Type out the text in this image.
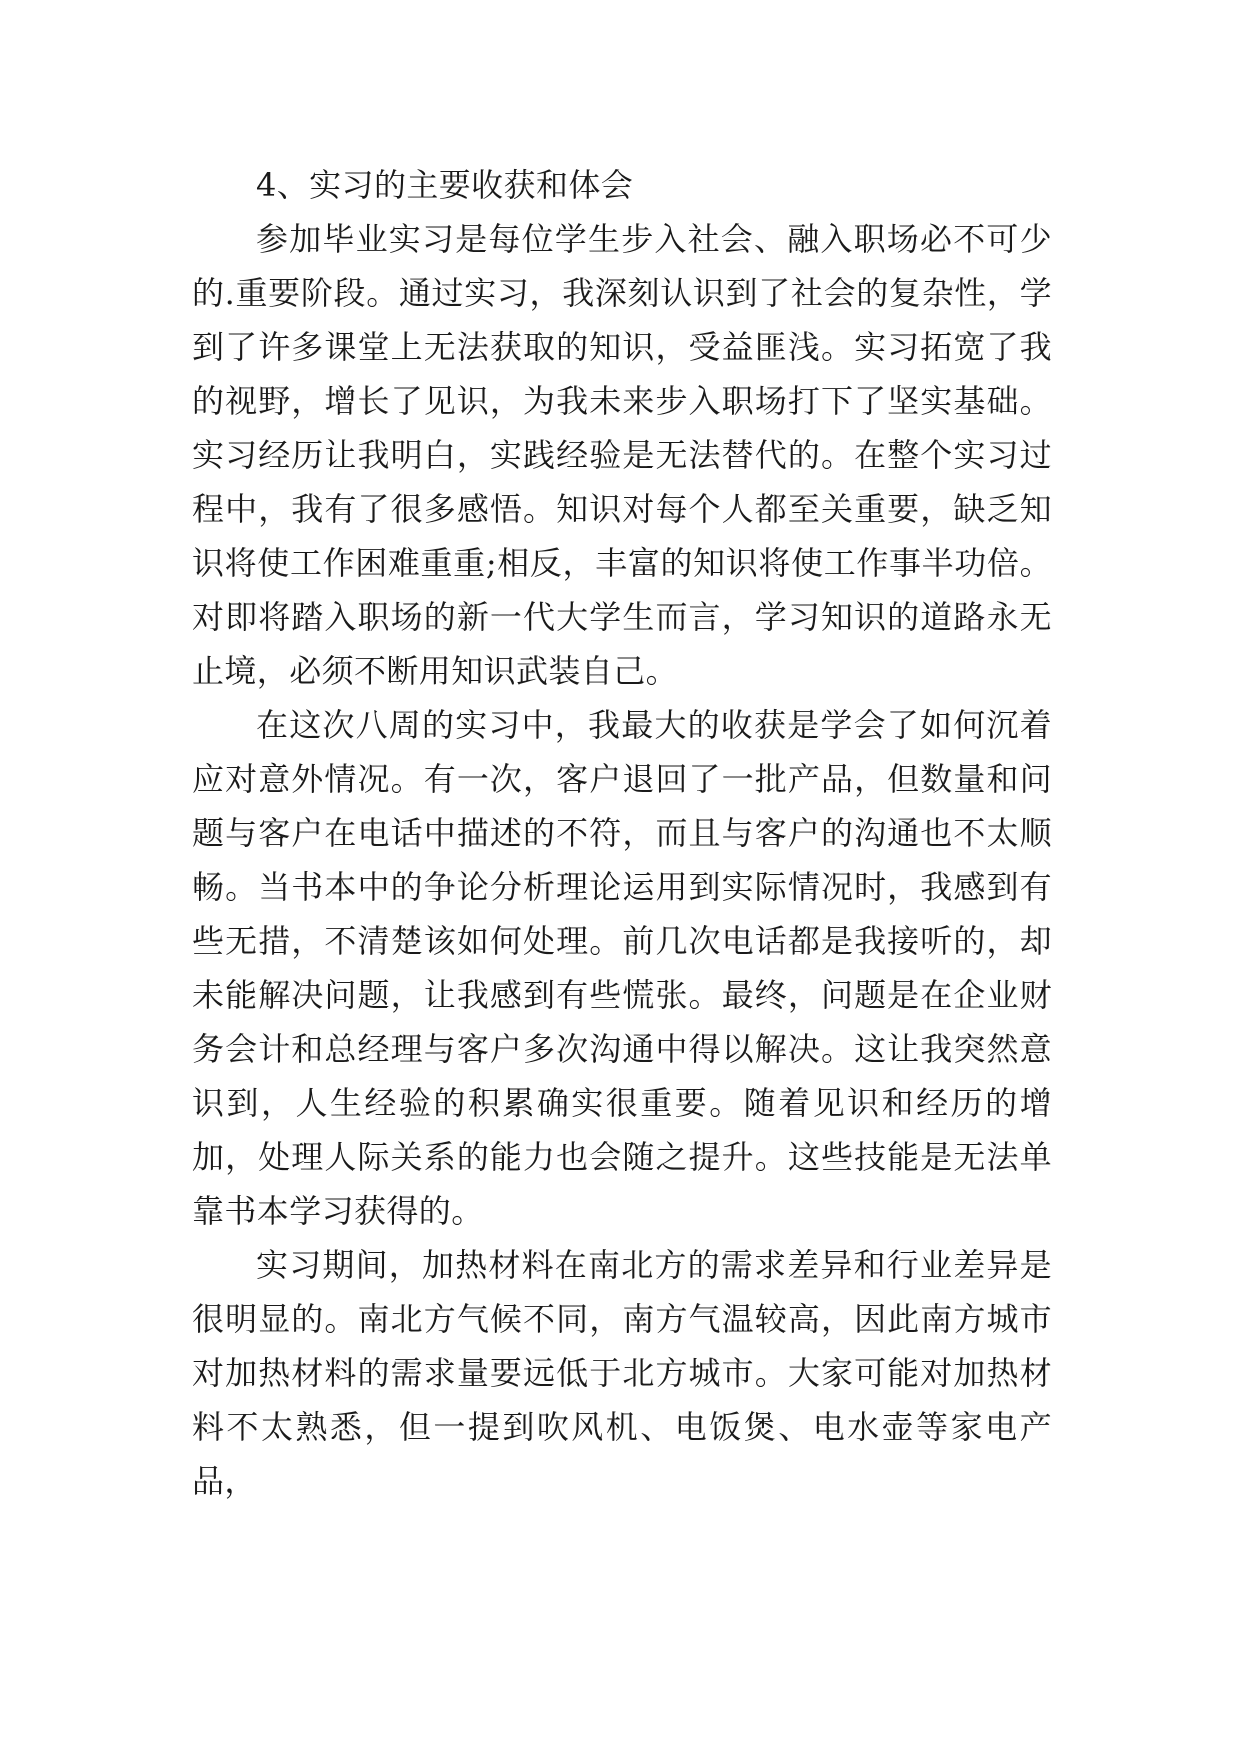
4、实习的主要收获和体会

参加毕业实习是每位学生步入社会、融入职场必不可少的.重要阶段。通过实习，我深刻认识到了社会的复杂性，学到了许多课堂上无法获取的知识，受益匪浅。实习拓宽了我的视野，增长了见识，为我未来步入职场打下了坚实基础。实习经历让我明白，实践经验是无法替代的。在整个实习过程中，我有了很多感悟。知识对每个人都至关重要，缺乏知识将使工作困难重重;相反，丰富的知识将使工作事半功倍。对即将踏入职场的新一代大学生而言，学习知识的道路永无止境，必须不断用知识武装自己。

在这次八周的实习中，我最大的收获是学会了如何沉着应对意外情况。有一次，客户退回了一批产品，但数量和问题与客户在电话中描述的不符，而且与客户的沟通也不太顺畅。当书本中的争论分析理论运用到实际情况时，我感到有些无措，不清楚该如何处理。前几次电话都是我接听的，却未能解决问题，让我感到有些慌张。最终，问题是在企业财务会计和总经理与客户多次沟通中得以解决。这让我突然意识到，人生经验的积累确实很重要。随着见识和经历的增加，处理人际关系的能力也会随之提升。这些技能是无法单靠书本学习获得的。

实习期间，加热材料在南北方的需求差异和行业差异是很明显的。南北方气候不同，南方气温较高，因此南方城市对加热材料的需求量要远低于北方城市。大家可能对加热材料不太熟悉，但一提到吹风机、电饭煲、电水壶等家电产品，
